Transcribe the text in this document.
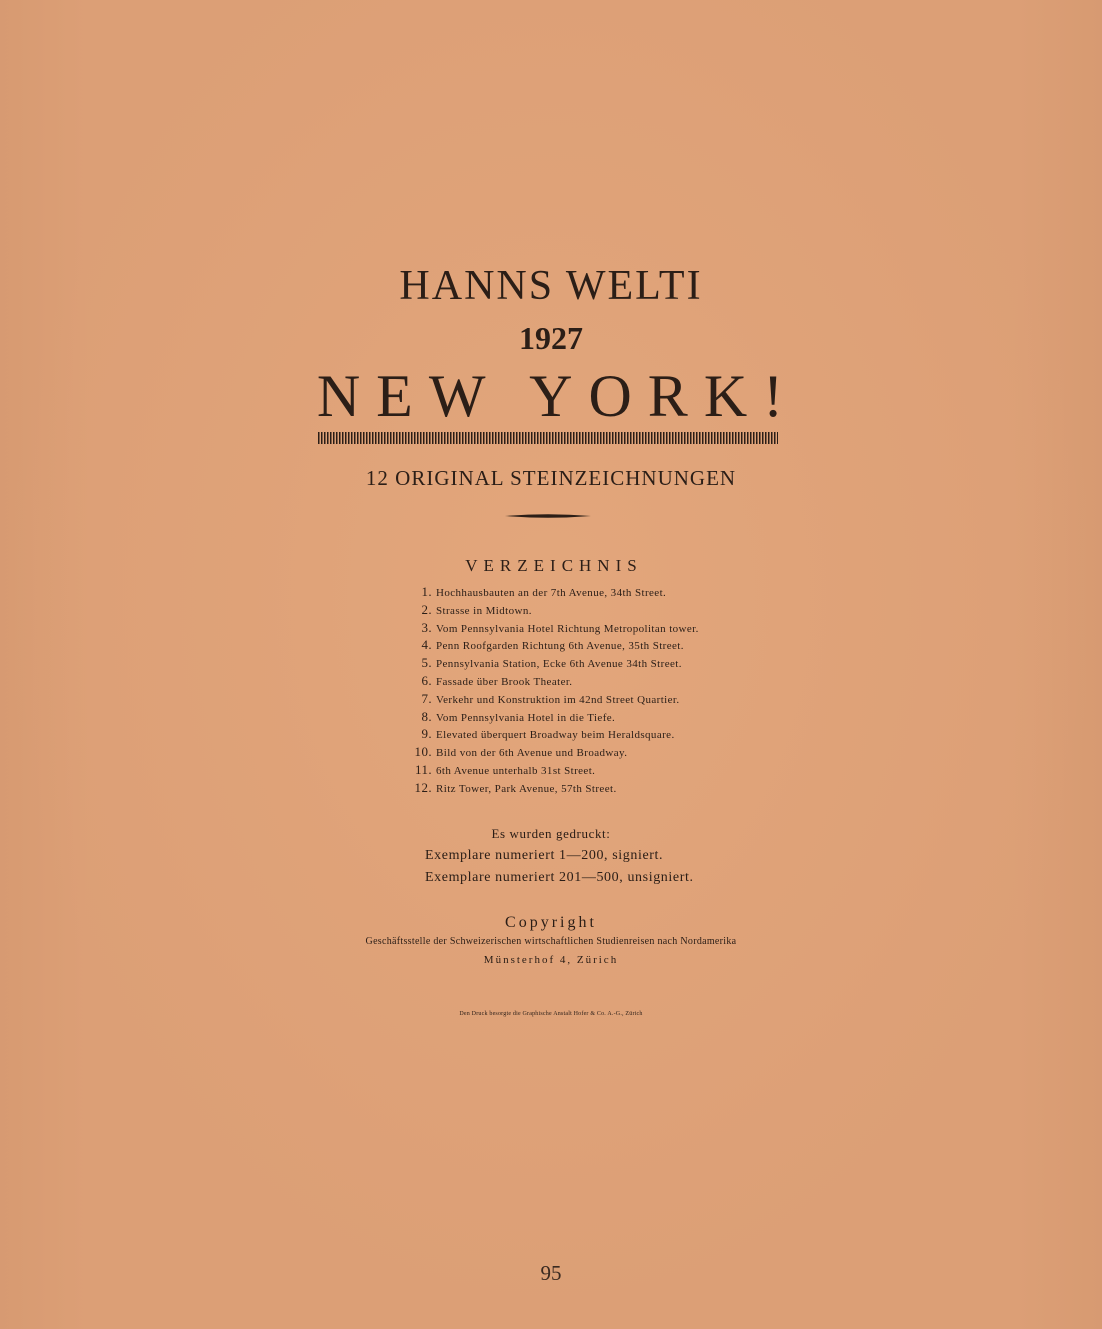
HANNS WELTI
1927
NEW YORK!
12 ORIGINAL STEINZEICHNUNGEN
VERZEICHNIS
1. Hochhausbauten an der 7th Avenue, 34th Street.
2. Strasse in Midtown.
3. Vom Pennsylvania Hotel Richtung Metropolitan tower.
4. Penn Roofgarden Richtung 6th Avenue, 35th Street.
5. Pennsylvania Station, Ecke 6th Avenue 34th Street.
6. Fassade über Brook Theater.
7. Verkehr und Konstruktion im 42nd Street Quartier.
8. Vom Pennsylvania Hotel in die Tiefe.
9. Elevated überquert Broadway beim Heraldsquare.
10. Bild von der 6th Avenue und Broadway.
11. 6th Avenue unterhalb 31st Street.
12. Ritz Tower, Park Avenue, 57th Street.
Es wurden gedruckt:
Exemplare numeriert 1—200, signiert.
Exemplare numeriert 201—500, unsigniert.
Copyright
Geschäftsstelle der Schweizerischen wirtschaftlichen Studienreisen nach Nordamerika
Münsterhof 4, Zürich
Den Druck besorgte die Graphische Anstalt Hofer & Co. A.-G., Zürich
95
